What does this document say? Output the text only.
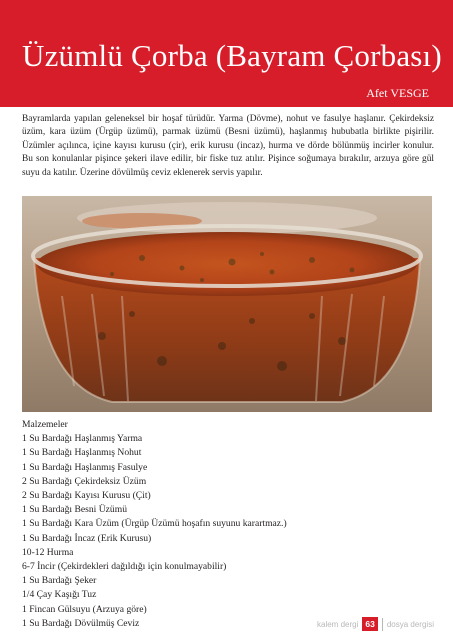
Üzümlü Çorba (Bayram Çorbası)
Afet VESGE

Bayramlarda yapılan geleneksel bir hoşaf türüdür. Yarma (Dövme), nohut ve fasulye haşlanır. Çekirdeksiz üzüm, kara üzüm (Ürgüp üzümü), parmak üzümü (Besni üzümü), haşlanmış hububatla birlikte pişirilir. Üzümler açılınca, içine kayısı kurusu (çir), erik kurusu (incaz), hurma ve dörde bölünmüş incirler konulur. Bu son konulanlar pişince şekeri ilave edilir, bir fiske tuz atılır. Pişince soğumaya bırakılır, arzuya göre gül suyu da katılır. Üzerine dövülmüş ceviz eklenerek servis yapılır.

Malzemeler
1 Su Bardağı Haşlanmış Yarma
1 Su Bardağı Haşlanmış Nohut
1 Su Bardağı Haşlanmış Fasulye
2 Su Bardağı Çekirdeksiz Üzüm
2 Su Bardağı Kayısı Kurusu (Çit)
1 Su Bardağı Besni Üzümü
1 Su Bardağı Kara Üzüm (Ürgüp Üzümü hoşafın suyunu karartmaz.)
1 Su Bardağı İncaz (Erik Kurusu)
10-12 Hurma
6-7 İncir (Çekirdekleri dağıldığı için konulmayabilir)
1 Su Bardağı Şeker
1/4 Çay Kaşığı Tuz
1 Fincan Gülsuyu (Arzuya göre)
1 Su Bardağı Dövülmüş Ceviz	kalem dergi 63	dosya dergisi
